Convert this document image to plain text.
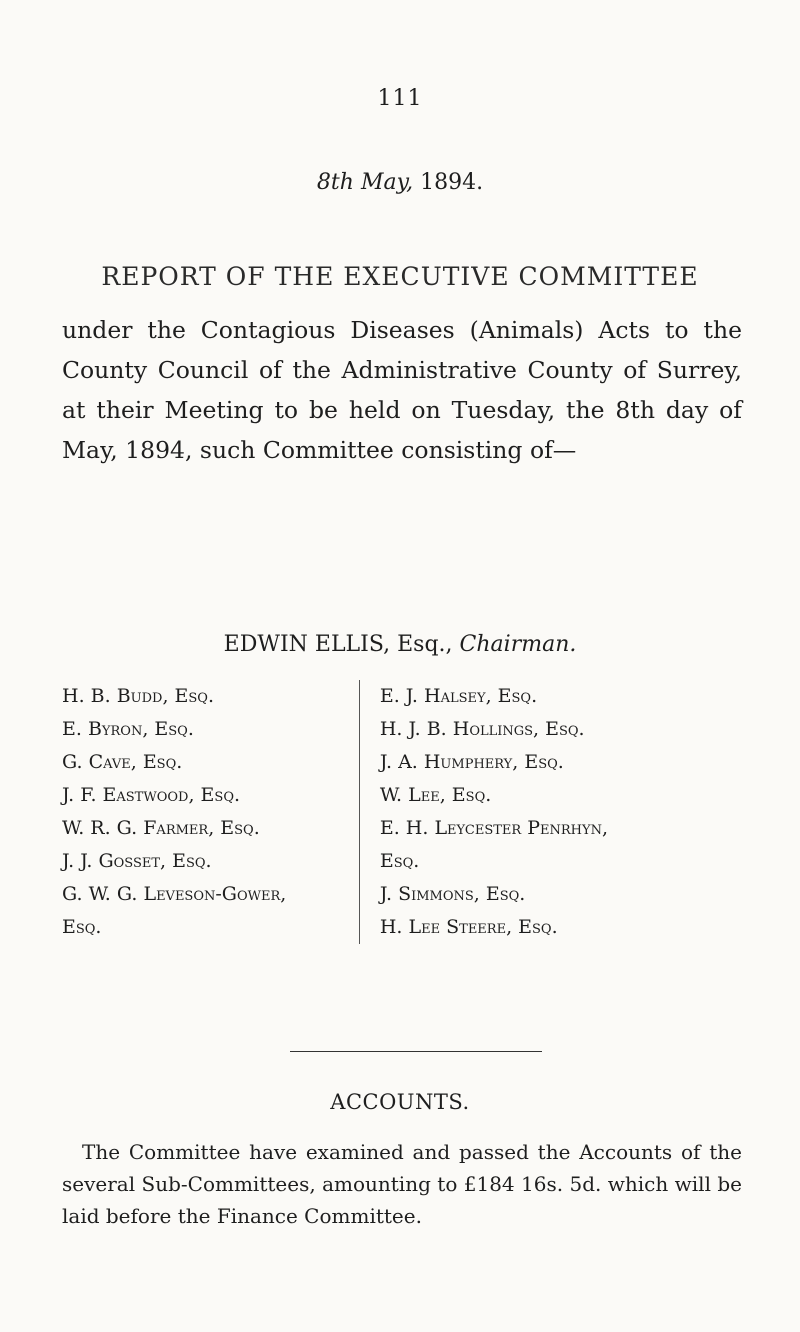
111
8th May, 1894.
REPORT OF THE EXECUTIVE COMMITTEE

under the Contagious Diseases (Animals) Acts to the County Council of the Administrative County of Surrey, at their Meeting to be held on Tuesday, the 8th day of May, 1894, such Committee consisting of—

EDWIN ELLIS, Esq., Chairman.
H. B. Budd, Esq.
E. Byron, Esq.
G. Cave, Esq.
J. F. Eastwood, Esq.
W. R. G. Farmer, Esq.
J. J. Gosset, Esq.
G. W. G. Leveson-Gower,
Esq.
E. J. Halsey, Esq.
H. J. B. Hollings, Esq.
J. A. Humphery, Esq.
W. Lee, Esq.
E. H. Leycester Penrhyn,
Esq.
J. Simmons, Esq.
H. Lee Steere, Esq.
ACCOUNTS.

The Committee have examined and passed the Accounts of the several Sub-Committees, amounting to £184 16s. 5d. which will be laid before the Finance Committee.
